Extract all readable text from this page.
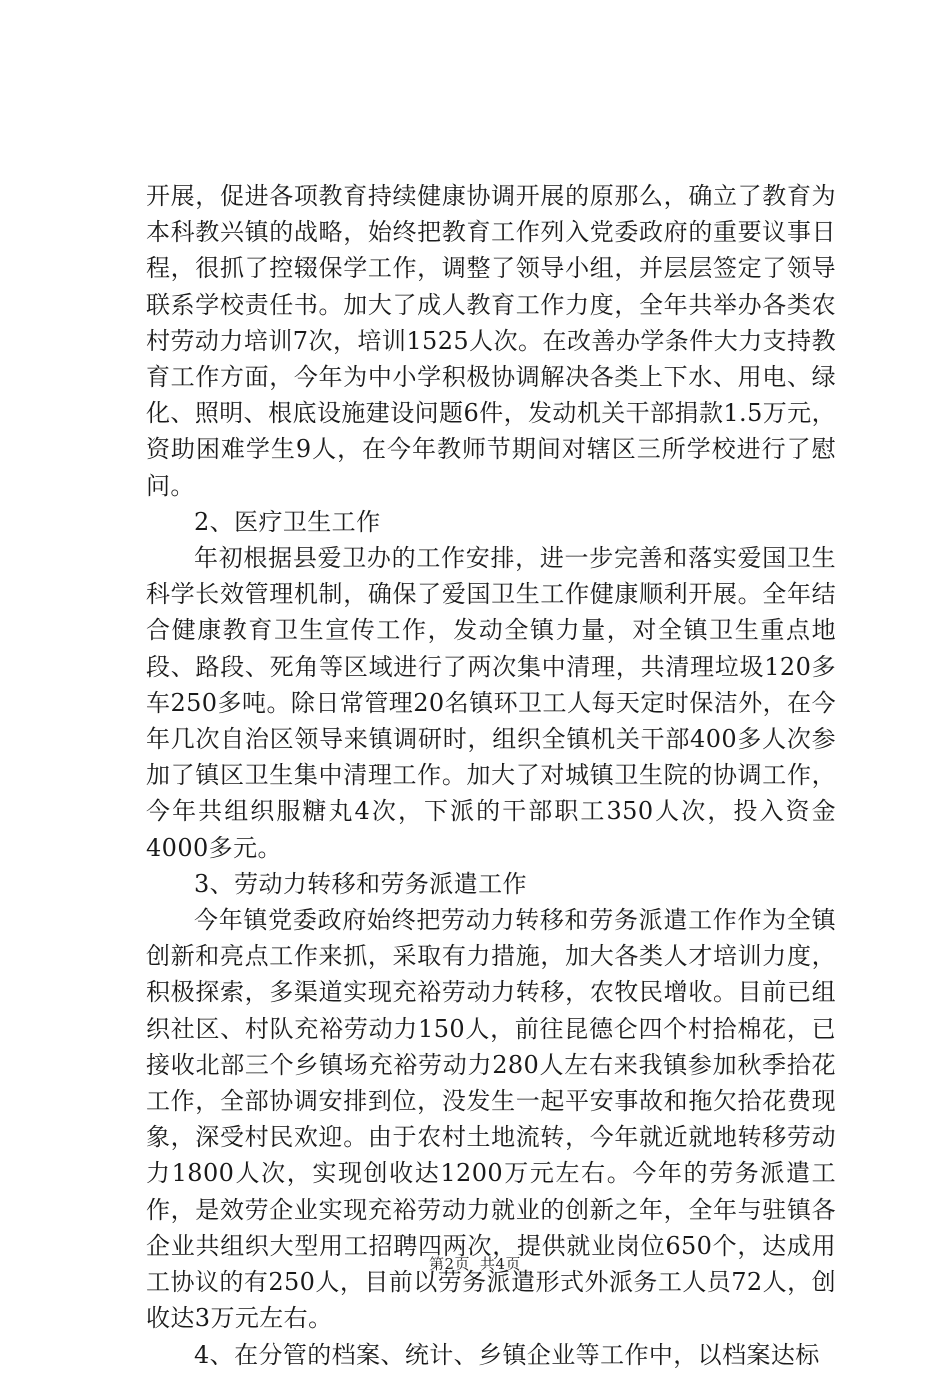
开展，促进各项教育持续健康协调开展的原那么，确立了教育为本科教兴镇的战略，始终把教育工作列入党委政府的重要议事日程，很抓了控辍保学工作，调整了领导小组，并层层签定了领导联系学校责任书。加大了成人教育工作力度，全年共举办各类农村劳动力培训7次，培训1525人次。在改善办学条件大力支持教育工作方面，今年为中小学积极协调解决各类上下水、用电、绿化、照明、根底设施建设问题6件，发动机关干部捐款1.5万元，资助困难学生9人，在今年教师节期间对辖区三所学校进行了慰问。

2、医疗卫生工作

年初根据县爱卫办的工作安排，进一步完善和落实爱国卫生科学长效管理机制，确保了爱国卫生工作健康顺利开展。全年结合健康教育卫生宣传工作，发动全镇力量，对全镇卫生重点地段、路段、死角等区域进行了两次集中清理，共清理垃圾120多车250多吨。除日常管理20名镇环卫工人每天定时保洁外，在今年几次自治区领导来镇调研时，组织全镇机关干部400多人次参加了镇区卫生集中清理工作。加大了对城镇卫生院的协调工作，今年共组织服糖丸4次，下派的干部职工350人次，投入资金4000多元。

3、劳动力转移和劳务派遣工作

今年镇党委政府始终把劳动力转移和劳务派遣工作作为全镇创新和亮点工作来抓，采取有力措施，加大各类人才培训力度，积极探索，多渠道实现充裕劳动力转移，农牧民增收。目前已组织社区、村队充裕劳动力150人，前往昆德仑四个村拾棉花，已接收北部三个乡镇场充裕劳动力280人左右来我镇参加秋季拾花工作，全部协调安排到位，没发生一起平安事故和拖欠拾花费现象，深受村民欢迎。由于农村土地流转，今年就近就地转移劳动力1800人次，实现创收达1200万元左右。今年的劳务派遣工作，是效劳企业实现充裕劳动力就业的创新之年，全年与驻镇各企业共组织大型用工招聘四两次，提供就业岗位650个，达成用工协议的有250人，目前以劳务派遣形式外派务工人员72人，创收达3万元左右。

4、在分管的档案、统计、乡镇企业等工作中，以档案达标

第2页 共4页
